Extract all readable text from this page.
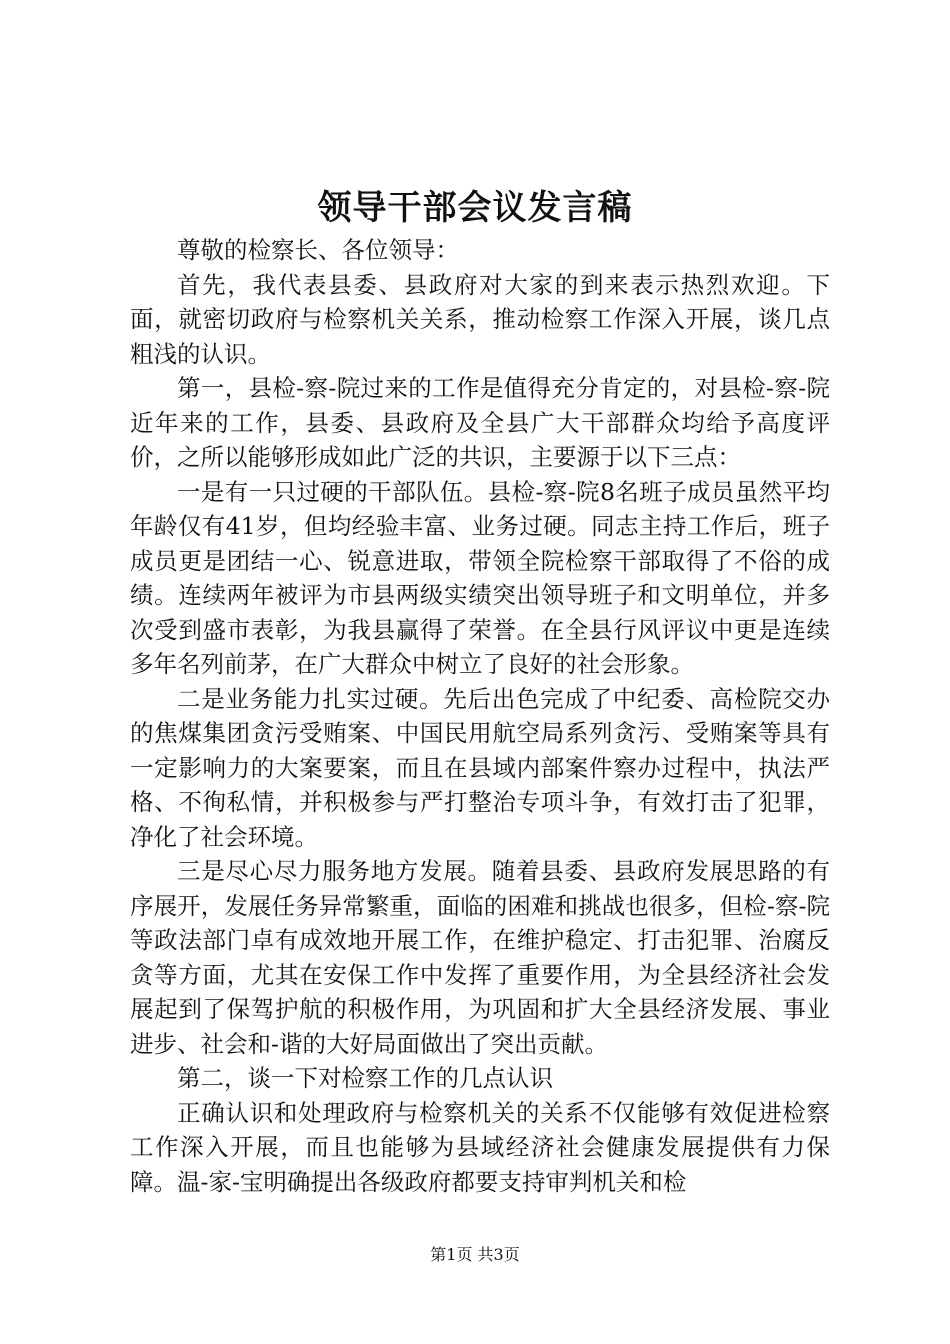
领导干部会议发言稿

尊敬的检察长、各位领导：

首先，我代表县委、县政府对大家的到来表示热烈欢迎。下面，就密切政府与检察机关关系，推动检察工作深入开展，谈几点粗浅的认识。

第一，县检-察-院过来的工作是值得充分肯定的，对县检-察-院近年来的工作，县委、县政府及全县广大干部群众均给予高度评价，之所以能够形成如此广泛的共识，主要源于以下三点：

一是有一只过硬的干部队伍。县检-察-院8名班子成员虽然平均年龄仅有41岁，但均经验丰富、业务过硬。同志主持工作后，班子成员更是团结一心、锐意进取，带领全院检察干部取得了不俗的成绩。连续两年被评为市县两级实绩突出领导班子和文明单位，并多次受到盛市表彰，为我县赢得了荣誉。在全县行风评议中更是连续多年名列前茅，在广大群众中树立了良好的社会形象。

二是业务能力扎实过硬。先后出色完成了中纪委、高检院交办的焦煤集团贪污受贿案、中国民用航空局系列贪污、受贿案等具有一定影响力的大案要案，而且在县域内部案件察办过程中，执法严格、不徇私情，并积极参与严打整治专项斗争，有效打击了犯罪，净化了社会环境。

三是尽心尽力服务地方发展。随着县委、县政府发展思路的有序展开，发展任务异常繁重，面临的困难和挑战也很多，但检-察-院等政法部门卓有成效地开展工作，在维护稳定、打击犯罪、治腐反贪等方面，尤其在安保工作中发挥了重要作用，为全县经济社会发展起到了保驾护航的积极作用，为巩固和扩大全县经济发展、事业进步、社会和-谐的大好局面做出了突出贡献。

第二，谈一下对检察工作的几点认识

正确认识和处理政府与检察机关的关系不仅能够有效促进检察工作深入开展，而且也能够为县域经济社会健康发展提供有力保障。温-家-宝明确提出各级政府都要支持审判机关和检

第1页 共3页
